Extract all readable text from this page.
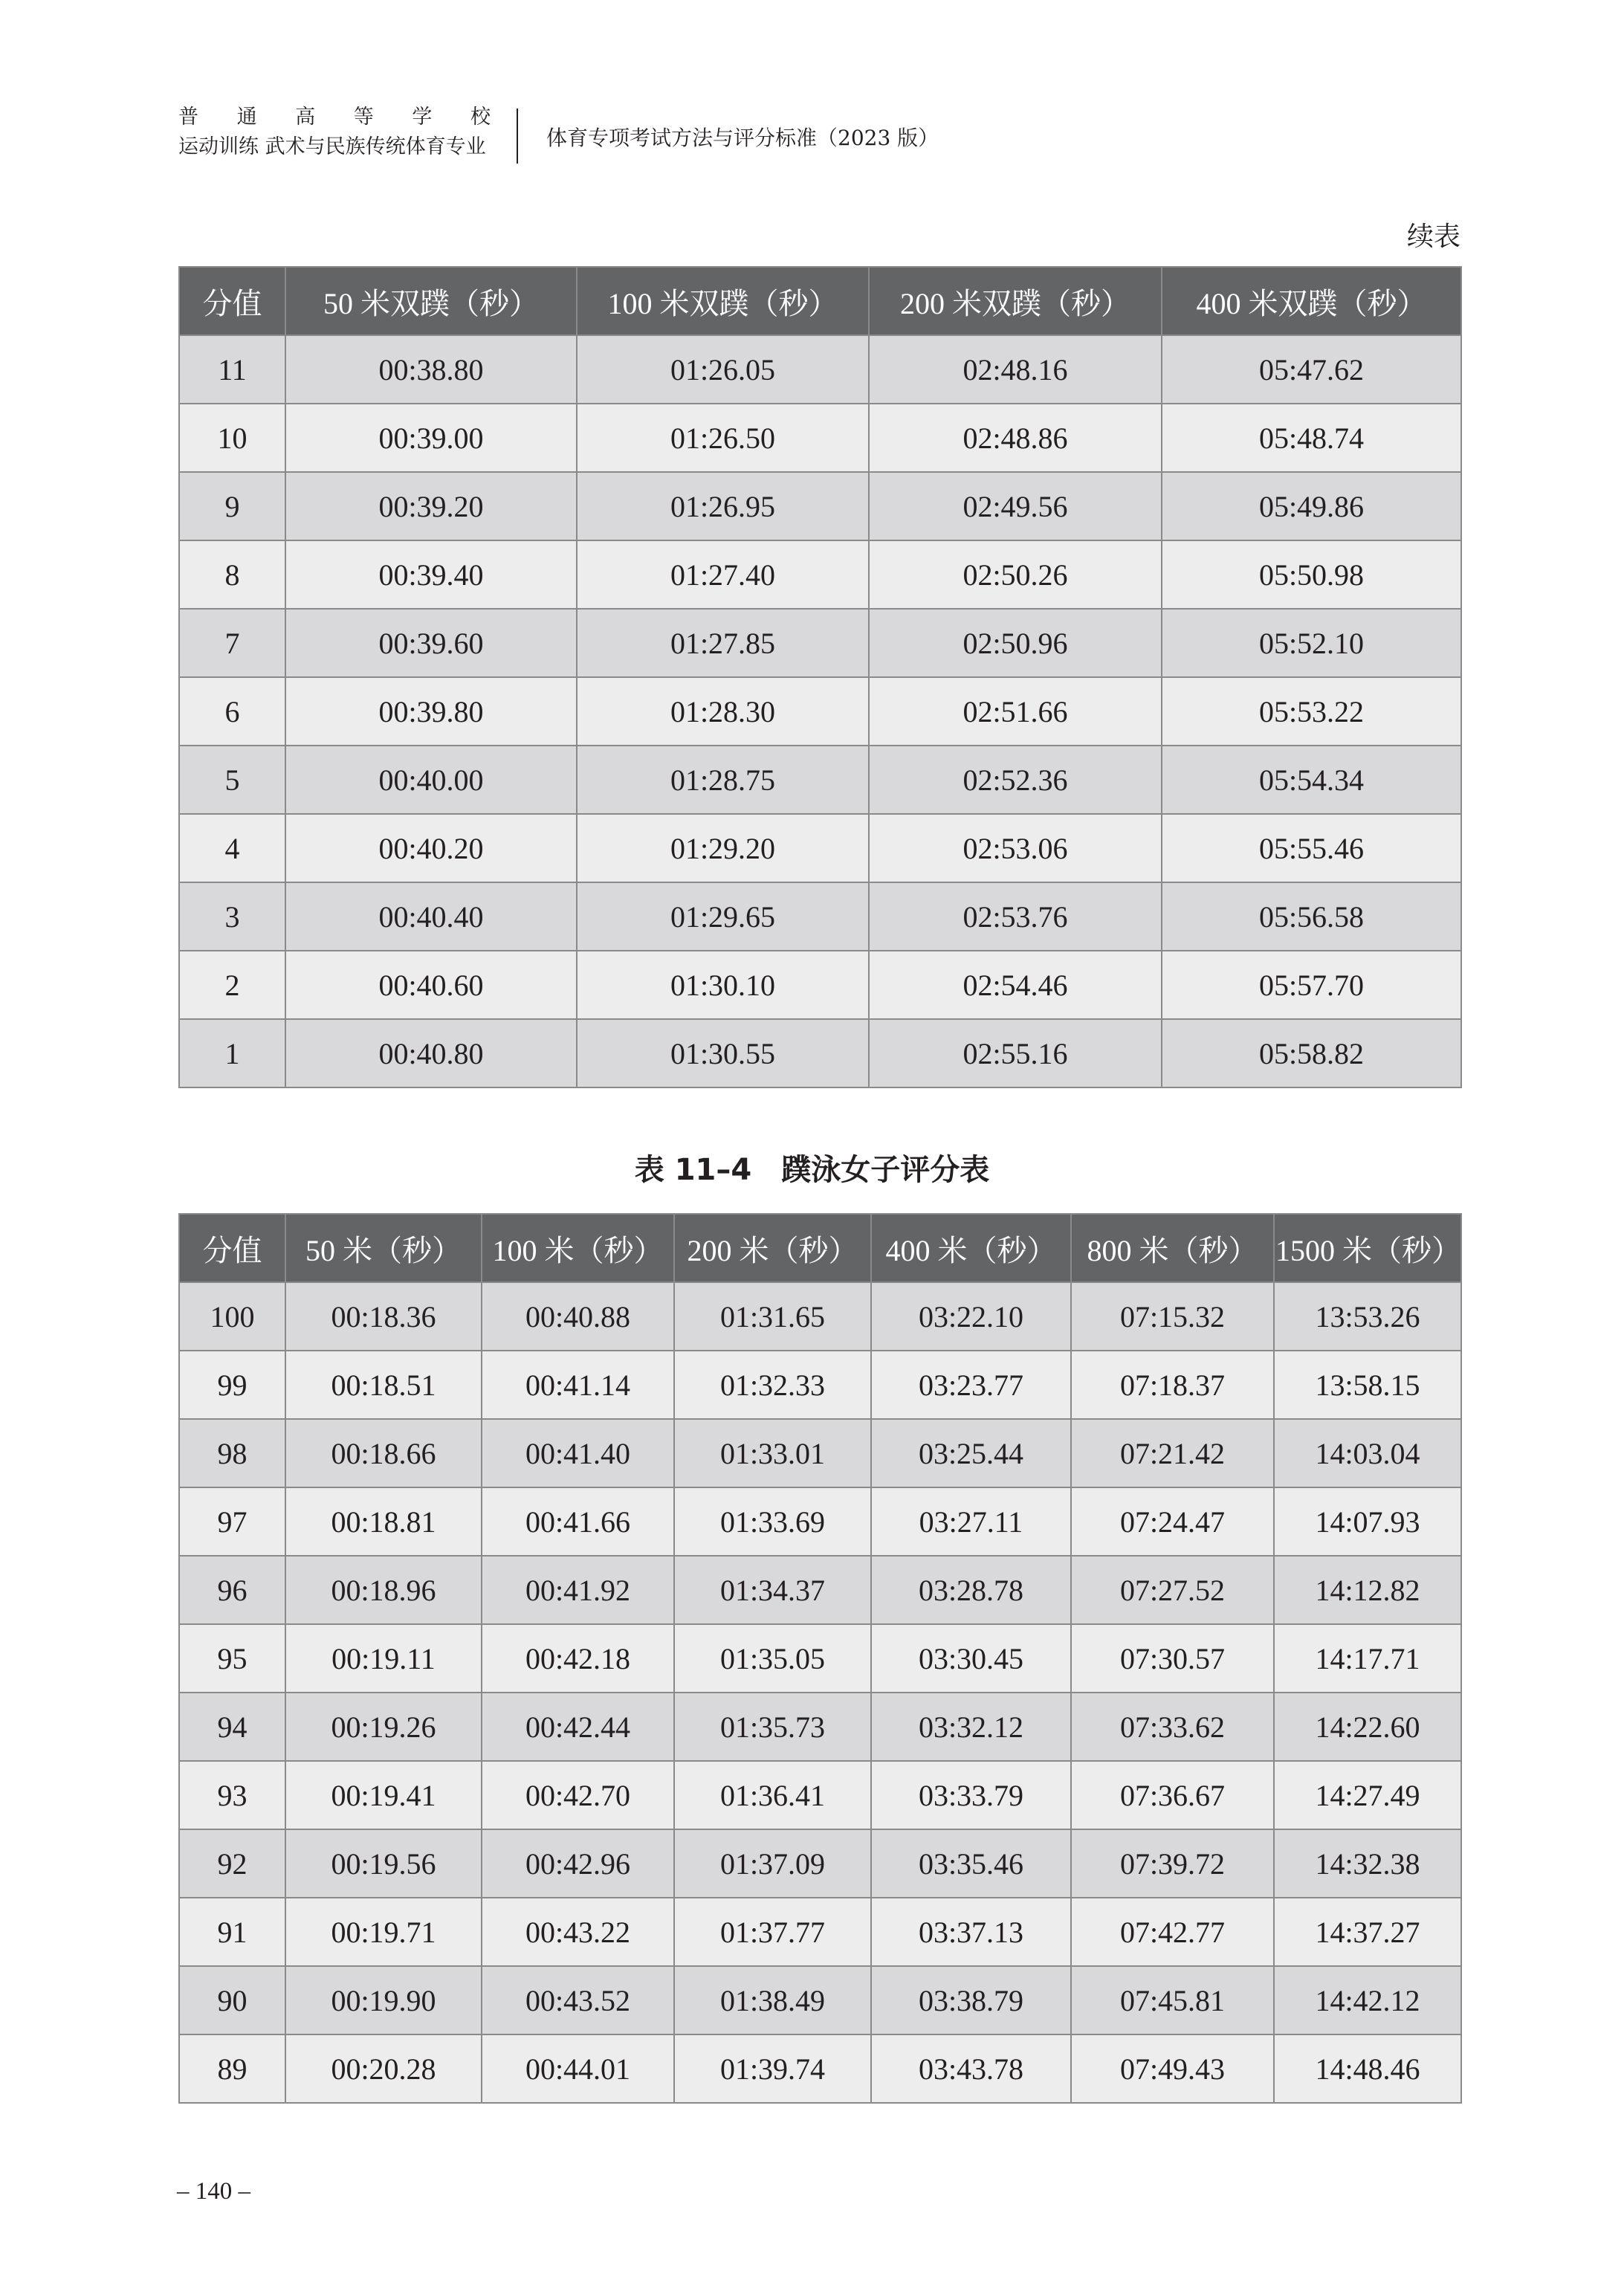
普 通 高 等 学 校
运动训练 武术与民族传统体育专业	体育专项考试方法与评分标准（2023 版）
续表
分值	50 米双蹼（秒）	100 米双蹼（秒）	200 米双蹼（秒）	400 米双蹼（秒）
11	00:38.80	01:26.05	02:48.16	05:47.62
10	00:39.00	01:26.50	02:48.86	05:48.74
9	00:39.20	01:26.95	02:49.56	05:49.86
8	00:39.40	01:27.40	02:50.26	05:50.98
7	00:39.60	01:27.85	02:50.96	05:52.10
6	00:39.80	01:28.30	02:51.66	05:53.22
5	00:40.00	01:28.75	02:52.36	05:54.34
4	00:40.20	01:29.20	02:53.06	05:55.46
3	00:40.40	01:29.65	02:53.76	05:56.58
2	00:40.60	01:30.10	02:54.46	05:57.70
1	00:40.80	01:30.55	02:55.16	05:58.82
表 11–4 蹼泳女子评分表
分值	50 米（秒）	100 米（秒）	200 米（秒）	400 米（秒）	800 米（秒）	1500 米（秒）
100	00:18.36	00:40.88	01:31.65	03:22.10	07:15.32	13:53.26
99	00:18.51	00:41.14	01:32.33	03:23.77	07:18.37	13:58.15
98	00:18.66	00:41.40	01:33.01	03:25.44	07:21.42	14:03.04
97	00:18.81	00:41.66	01:33.69	03:27.11	07:24.47	14:07.93
96	00:18.96	00:41.92	01:34.37	03:28.78	07:27.52	14:12.82
95	00:19.11	00:42.18	01:35.05	03:30.45	07:30.57	14:17.71
94	00:19.26	00:42.44	01:35.73	03:32.12	07:33.62	14:22.60
93	00:19.41	00:42.70	01:36.41	03:33.79	07:36.67	14:27.49
92	00:19.56	00:42.96	01:37.09	03:35.46	07:39.72	14:32.38
91	00:19.71	00:43.22	01:37.77	03:37.13	07:42.77	14:37.27
90	00:19.90	00:43.52	01:38.49	03:38.79	07:45.81	14:42.12
89	00:20.28	00:44.01	01:39.74	03:43.78	07:49.43	14:48.46
– 140 –
